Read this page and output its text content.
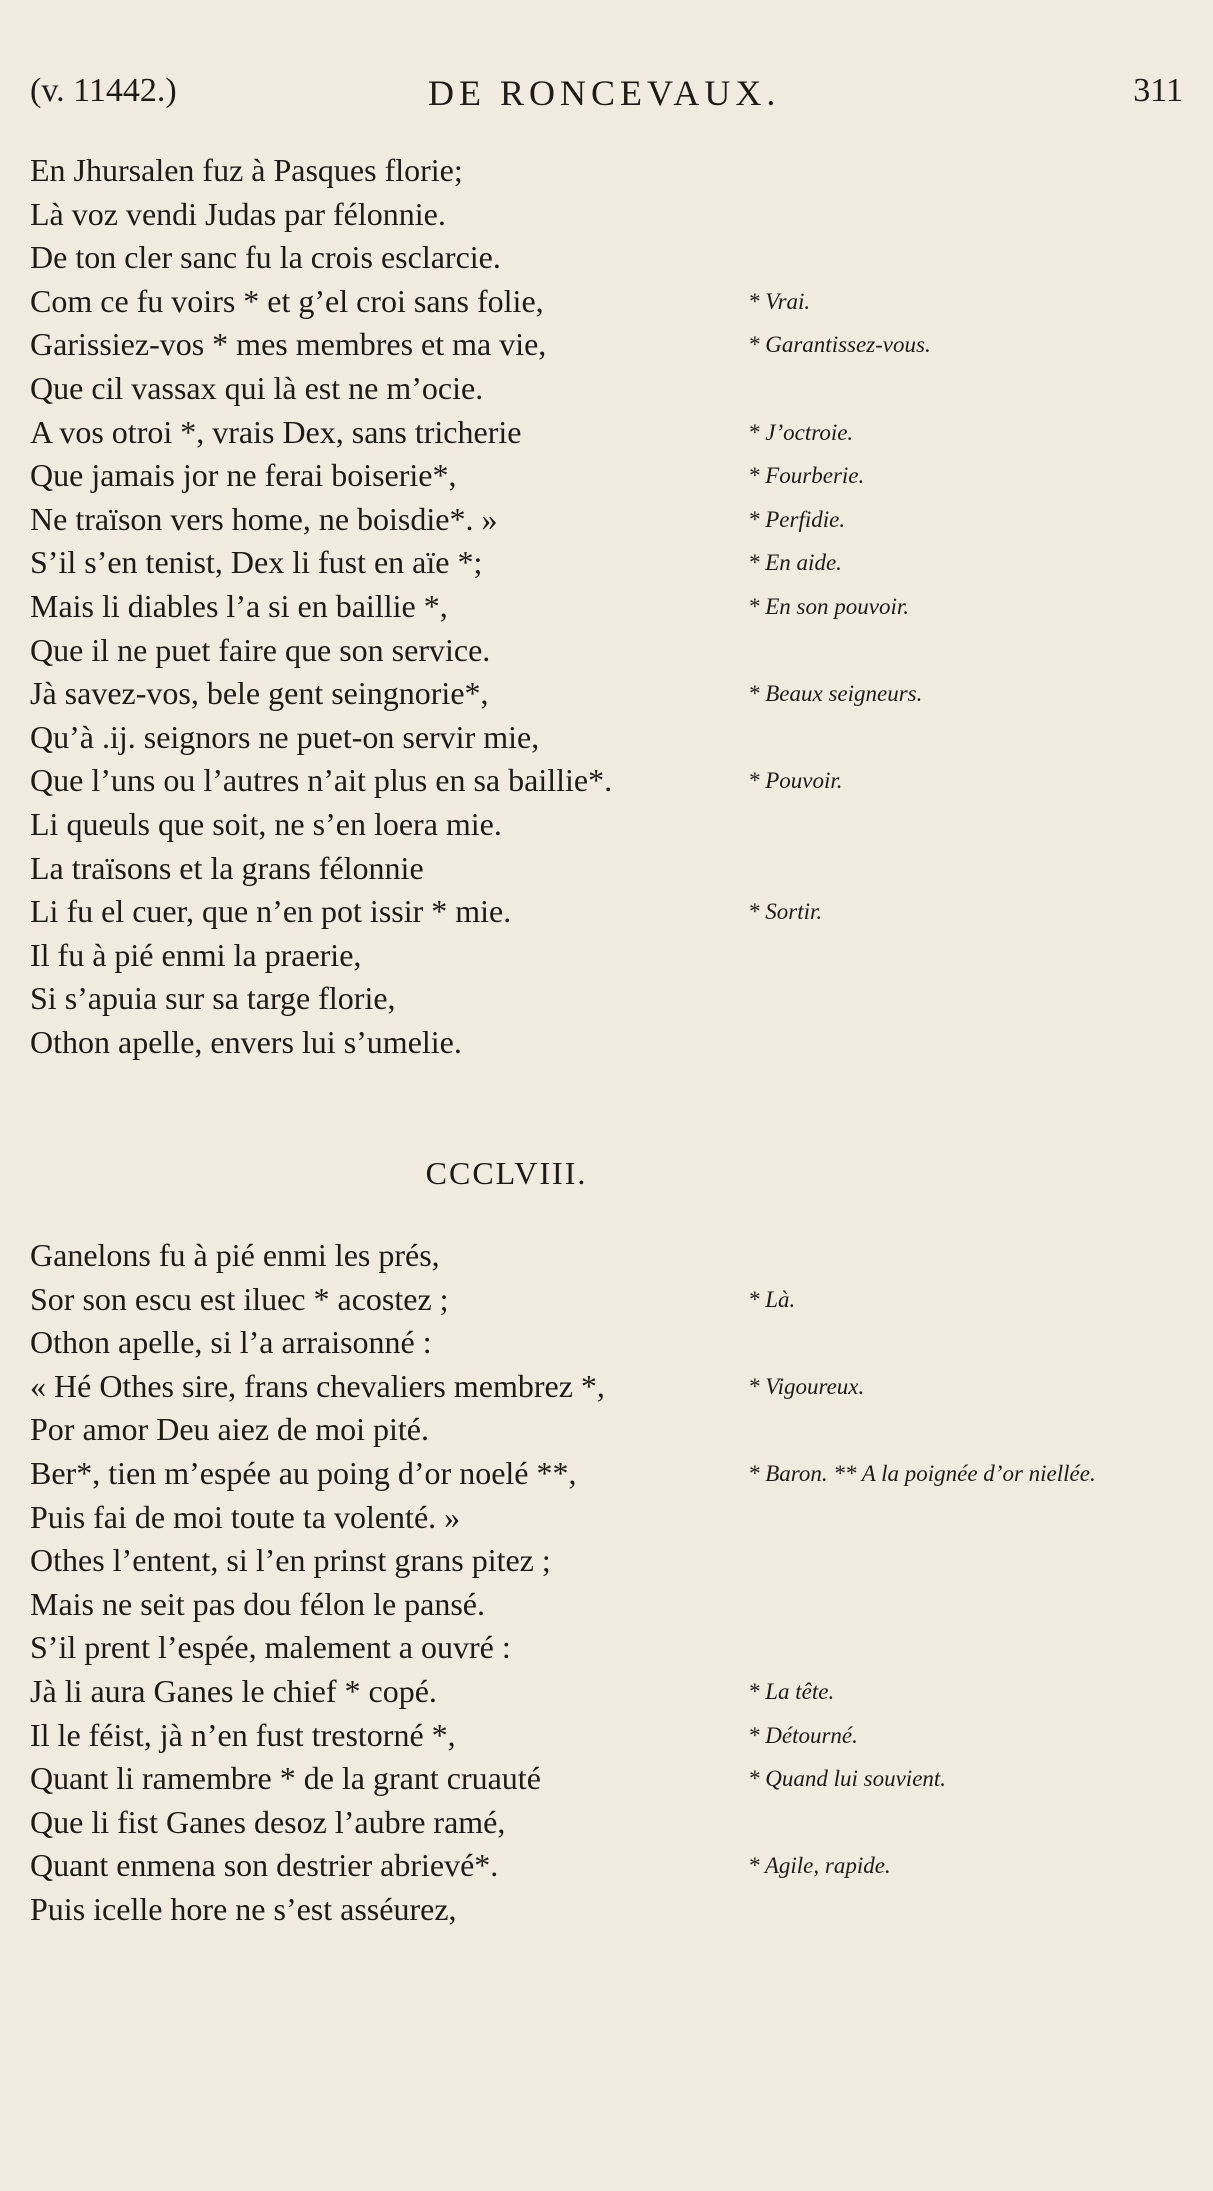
(v. 11442.)	DE RONCEVAUX.	311
En Jhursalen fuz à Pasques florie;
Là voz vendi Judas par félonnie.
De ton cler sanc fu la crois esclarcie.
Com ce fu voirs * et g’el croi sans folie,	* Vrai.
Garissiez-vos * mes membres et ma vie,	* Garantissez-vous.
Que cil vassax qui là est ne m’ocie.
A vos otroi *, vrais Dex, sans tricherie	* J’octroie.
Que jamais jor ne ferai boiserie*,	* Fourberie.
Ne traïson vers home, ne boisdie*. »	* Perfidie.
S’il s’en tenist, Dex li fust en aïe *;	* En aide.
Mais li diables l’a si en baillie *,	* En son pouvoir.
Que il ne puet faire que son service.
Jà savez-vos, bele gent seingnorie*,	* Beaux seigneurs.
Qu’à .ij. seignors ne puet-on servir mie,
Que l’uns ou l’autres n’ait plus en sa baillie*.	* Pouvoir.
Li queuls que soit, ne s’en loera mie.
La traïsons et la grans félonnie
Li fu el cuer, que n’en pot issir * mie.	* Sortir.
Il fu à pié enmi la praerie,
Si s’apuia sur sa targe florie,
Othon apelle, envers lui s’umelie.
CCCLVIII.
Ganelons fu à pié enmi les prés,
Sor son escu est iluec * acostez ;	* Là.
Othon apelle, si l’a arraisonné :
« Hé Othes sire, frans chevaliers membrez *,	* Vigoureux.
Por amor Deu aiez de moi pité.
Ber*, tien m’espée au poing d’or noelé **,	* Baron. ** A la poignée d’or niellée.
Puis fai de moi toute ta volenté. »
Othes l’entent, si l’en prinst grans pitez ;
Mais ne seit pas dou félon le pansé.
S’il prent l’espée, malement a ouvré :
Jà li aura Ganes le chief * copé.	* La tête.
Il le féist, jà n’en fust trestorné *,	* Détourné.
Quant li ramembre * de la grant cruauté	* Quand lui souvient.
Que li fist Ganes desoz l’aubre ramé,
Quant enmena son destrier abrievé*.	* Agile, rapide.
Puis icelle hore ne s’est asséurez,
